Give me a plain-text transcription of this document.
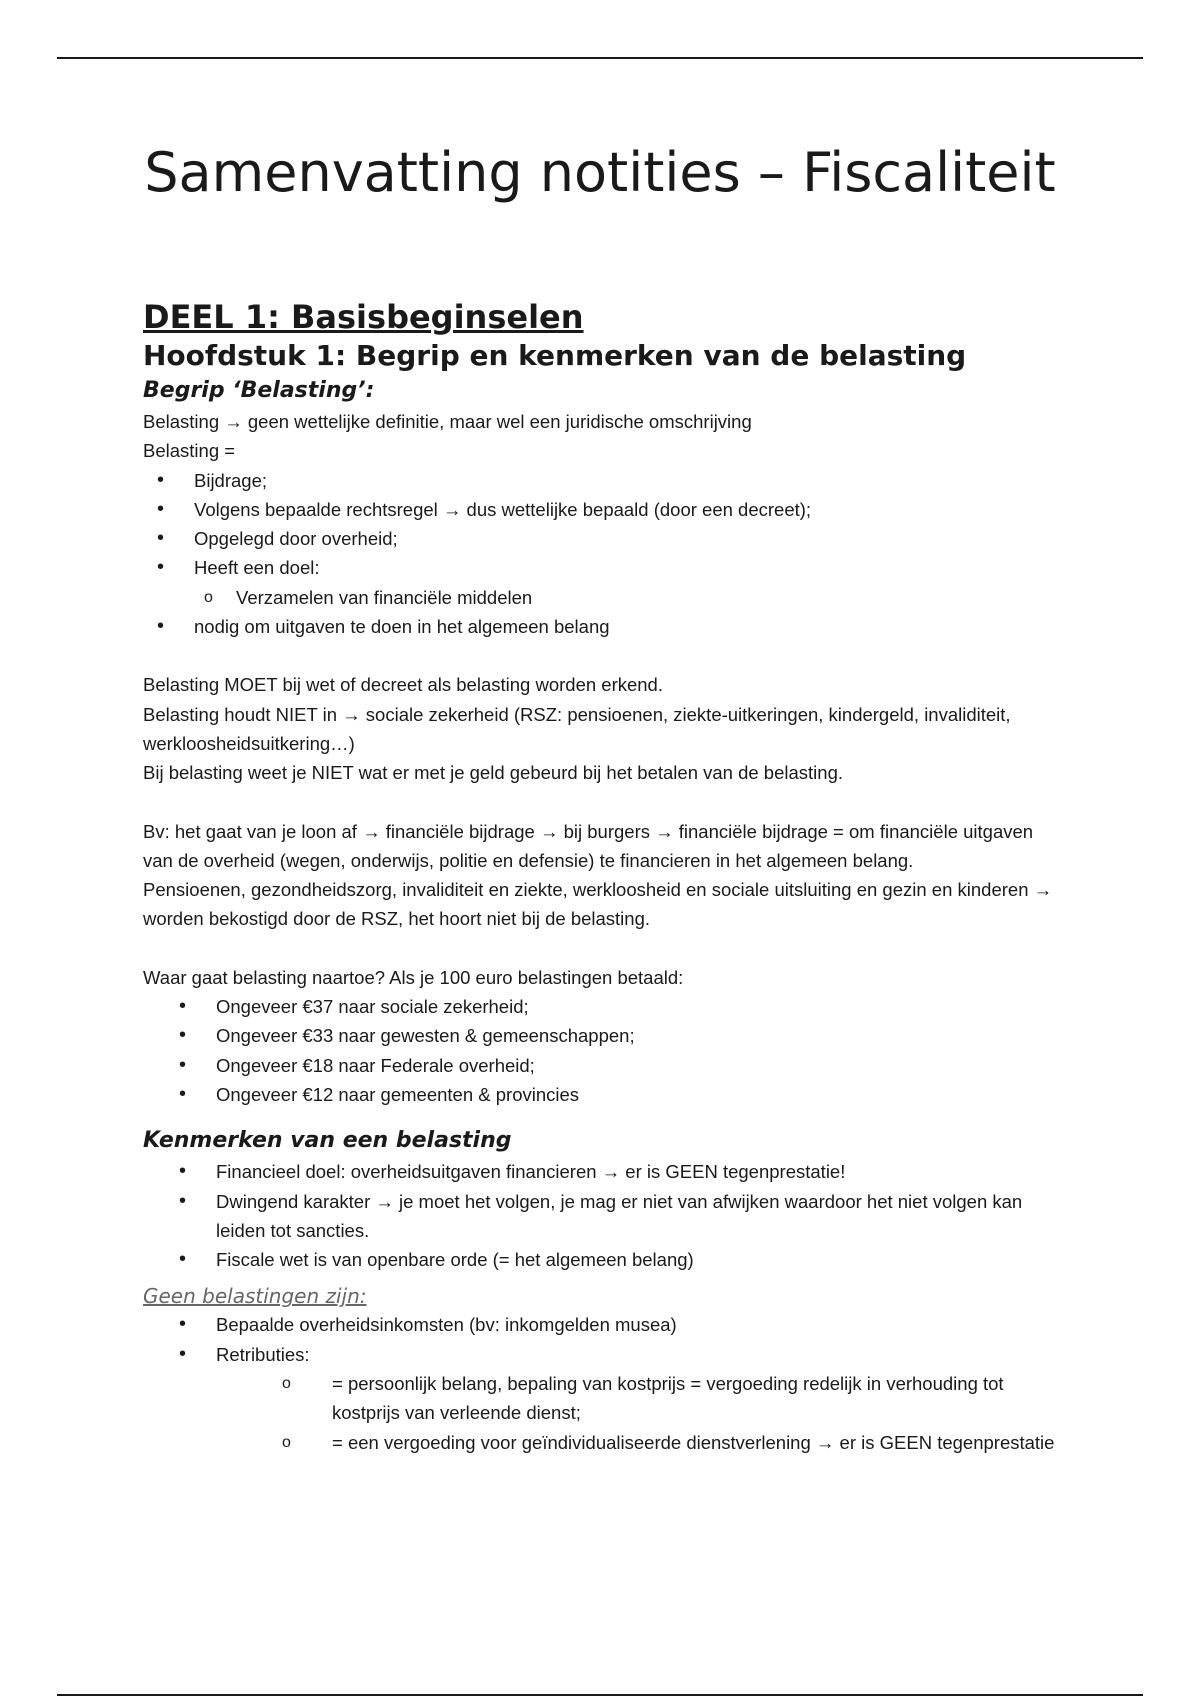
Samenvatting notities – Fiscaliteit
DEEL 1: Basisbeginselen
Hoofdstuk 1: Begrip en kenmerken van de belasting
Begrip ‘Belasting’:

Belasting → geen wettelijke definitie, maar wel een juridische omschrijving

Belasting =

• Bijdrage;
• Volgens bepaalde rechtsregel → dus wettelijke bepaald (door een decreet);
• Opgelegd door overheid;
• Heeft een doel:
o Verzamelen van financiële middelen
• nodig om uitgaven te doen in het algemeen belang

Belasting MOET bij wet of decreet als belasting worden erkend.

Belasting houdt NIET in → sociale zekerheid (RSZ: pensioenen, ziekte-uitkeringen, kindergeld, invaliditeit, werkloosheidsuitkering…)

Bij belasting weet je NIET wat er met je geld gebeurd bij het betalen van de belasting.

Bv: het gaat van je loon af → financiële bijdrage → bij burgers → financiële bijdrage = om financiële uitgaven van de overheid (wegen, onderwijs, politie en defensie) te financieren in het algemeen belang.

Pensioenen, gezondheidszorg, invaliditeit en ziekte, werkloosheid en sociale uitsluiting en gezin en kinderen → worden bekostigd door de RSZ, het hoort niet bij de belasting.

Waar gaat belasting naartoe? Als je 100 euro belastingen betaald:

• Ongeveer €37 naar sociale zekerheid;
• Ongeveer €33 naar gewesten & gemeenschappen;
• Ongeveer €18 naar Federale overheid;
• Ongeveer €12 naar gemeenten & provincies
Kenmerken van een belasting
• Financieel doel: overheidsuitgaven financieren → er is GEEN tegenprestatie!
• Dwingend karakter → je moet het volgen, je mag er niet van afwijken waardoor het niet volgen kan leiden tot sancties.
• Fiscale wet is van openbare orde (= het algemeen belang)
Geen belastingen zijn:
• Bepaalde overheidsinkomsten (bv: inkomgelden musea)
• Retributies:
o = persoonlijk belang, bepaling van kostprijs = vergoeding redelijk in verhouding tot kostprijs van verleende dienst;
o = een vergoeding voor geïndividualiseerde dienstverlening → er is GEEN tegenprestatie
